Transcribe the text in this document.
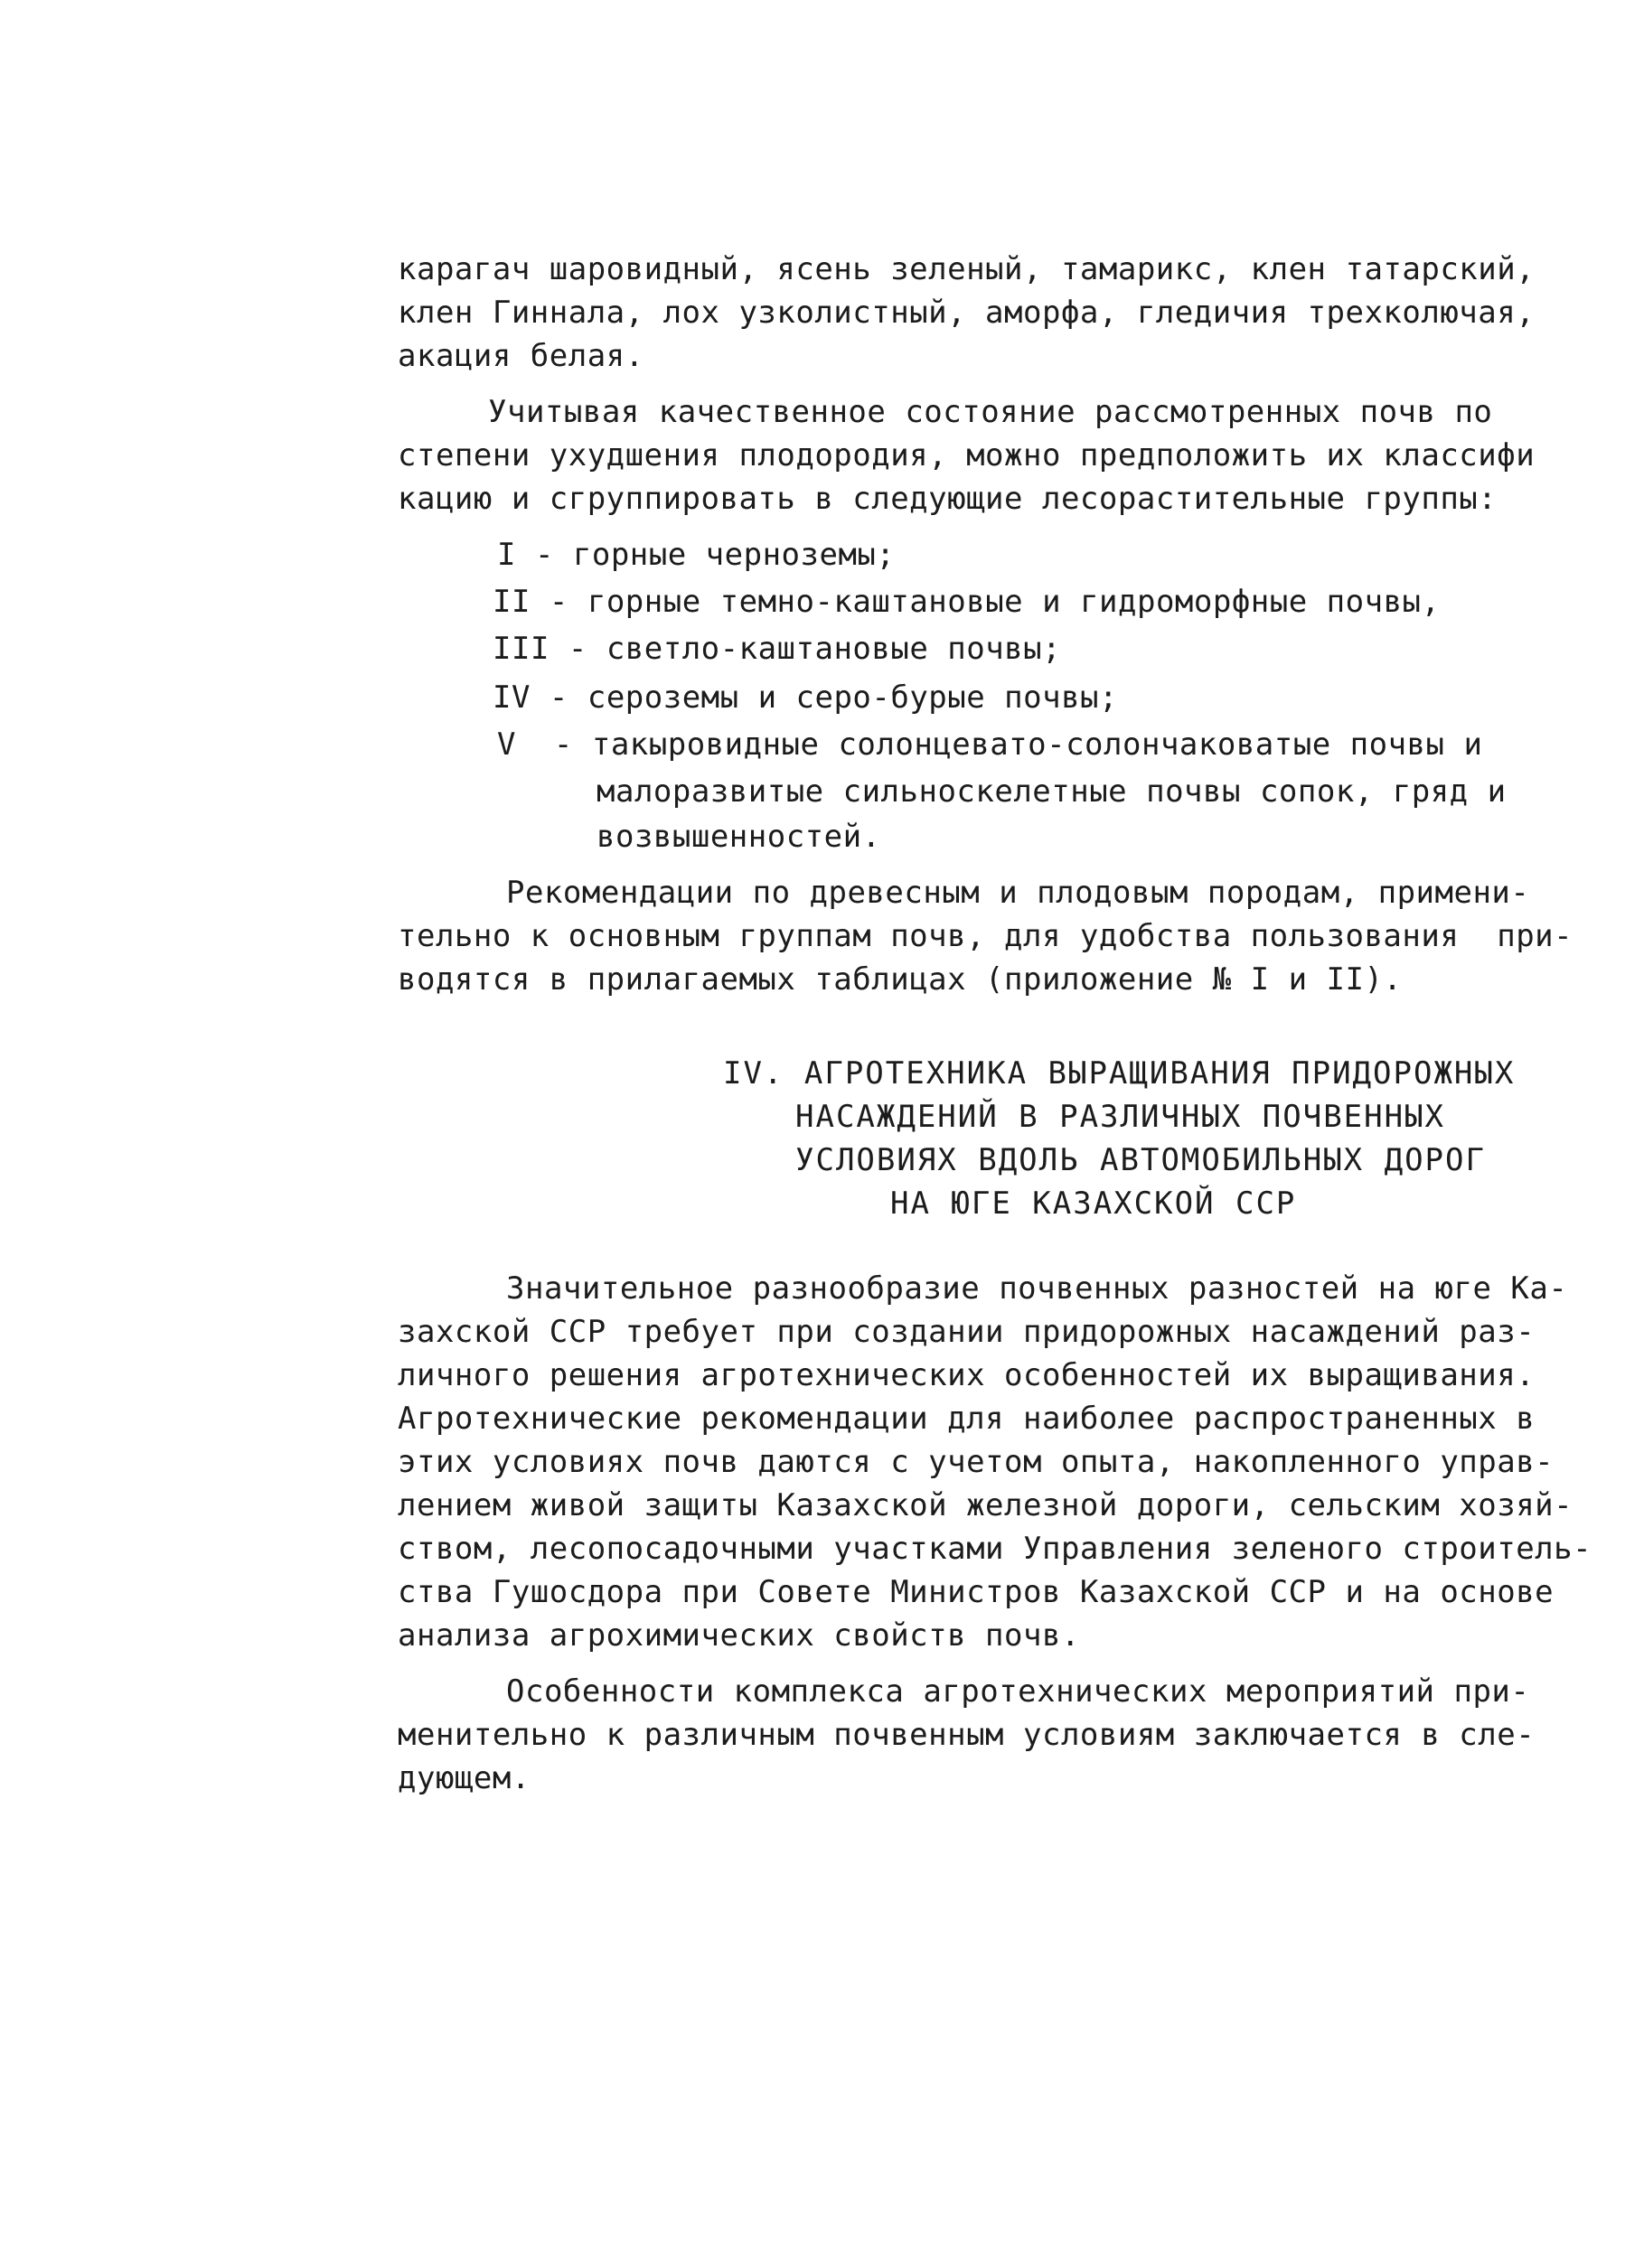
карагач шаровидный, ясень зеленый, тамарикс, клен татарский,
клен Гиннала, лох узколистный, аморфа, гледичия трехколючая,
акация белая.
Учитывая качественное состояние рассмотренных почв по
степени ухудшения плодородия, можно предположить их классифи
кацию и сгруппировать в следующие лесорастительные группы:
I - горные черноземы;
II - горные темно-каштановые и гидроморфные почвы,
III - светло-каштановые почвы;
IV - сероземы и серо-бурые почвы;
V  - такыровидные солонцевато-солончаковатые почвы и
малоразвитые сильноскелетные почвы сопок, гряд и
возвышенностей.
Рекомендации по древесным и плодовым породам, примени-
тельно к основным группам почв, для удобства пользования  при-
водятся в прилагаемых таблицах (приложение № I и II).
IV. АГРОТЕХНИКА ВЫРАЩИВАНИЯ ПРИДОРОЖНЫХ
НАСАЖДЕНИЙ В РАЗЛИЧНЫХ ПОЧВЕННЫХ
УСЛОВИЯХ ВДОЛЬ АВТОМОБИЛЬНЫХ ДОРОГ
НА ЮГЕ КАЗАХСКОЙ ССР
Значительное разнообразие почвенных разностей на юге Ка-
захской ССР требует при создании придорожных насаждений раз-
личного решения агротехнических особенностей их выращивания.
Агротехнические рекомендации для наиболее распространенных в
этих условиях почв даются с учетом опыта, накопленного управ-
лением живой защиты Казахской железной дороги, сельским хозяй-
ством, лесопосадочными участками Управления зеленого строитель-
ства Гушосдора при Совете Министров Казахской ССР и на основе
анализа агрохимических свойств почв.
Особенности комплекса агротехнических мероприятий при-
менительно к различным почвенным условиям заключается в сле-
дующем.
